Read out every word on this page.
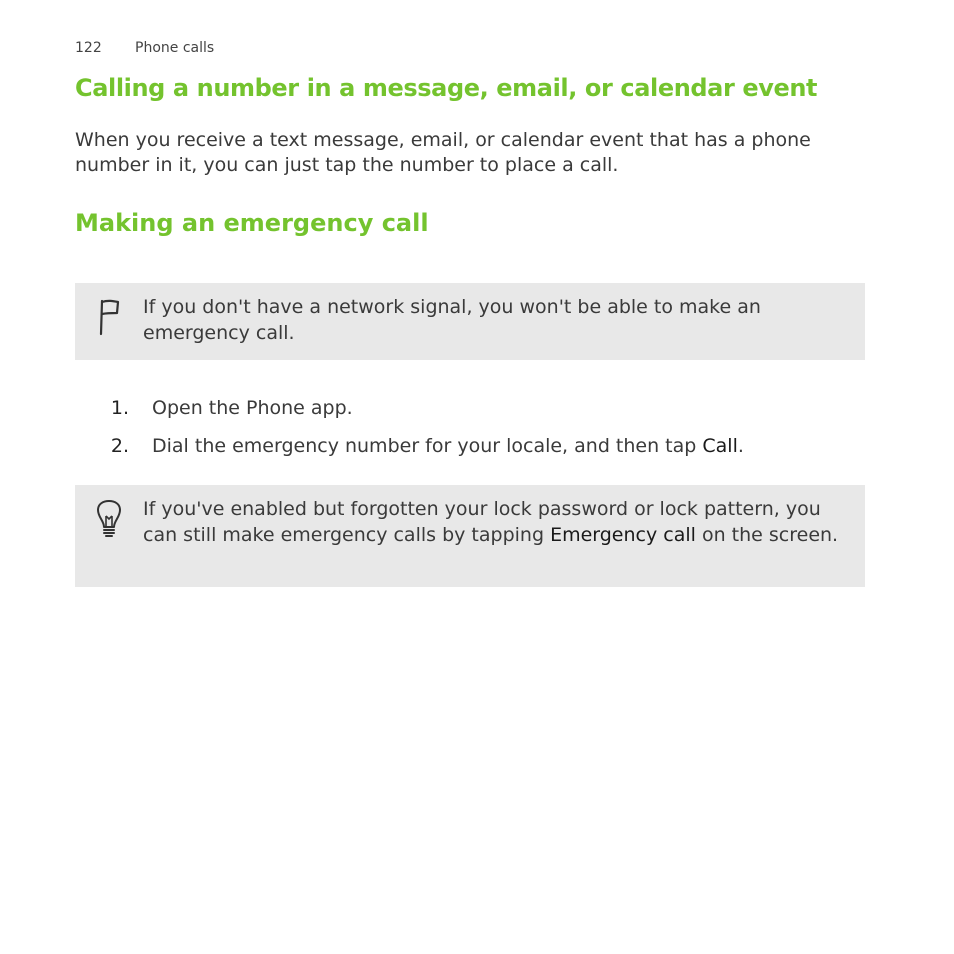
122 Phone calls
Calling a number in a message, email, or calendar event

When you receive a text message, email, or calendar event that has a phone number in it, you can just tap the number to place a call.

Making an emergency call

If you don't have a network signal, you won't be able to make an emergency call.

1. Open the Phone app.
2. Dial the emergency number for your locale, and then tap Call.

If you've enabled but forgotten your lock password or lock pattern, you can still make emergency calls by tapping Emergency call on the screen.
